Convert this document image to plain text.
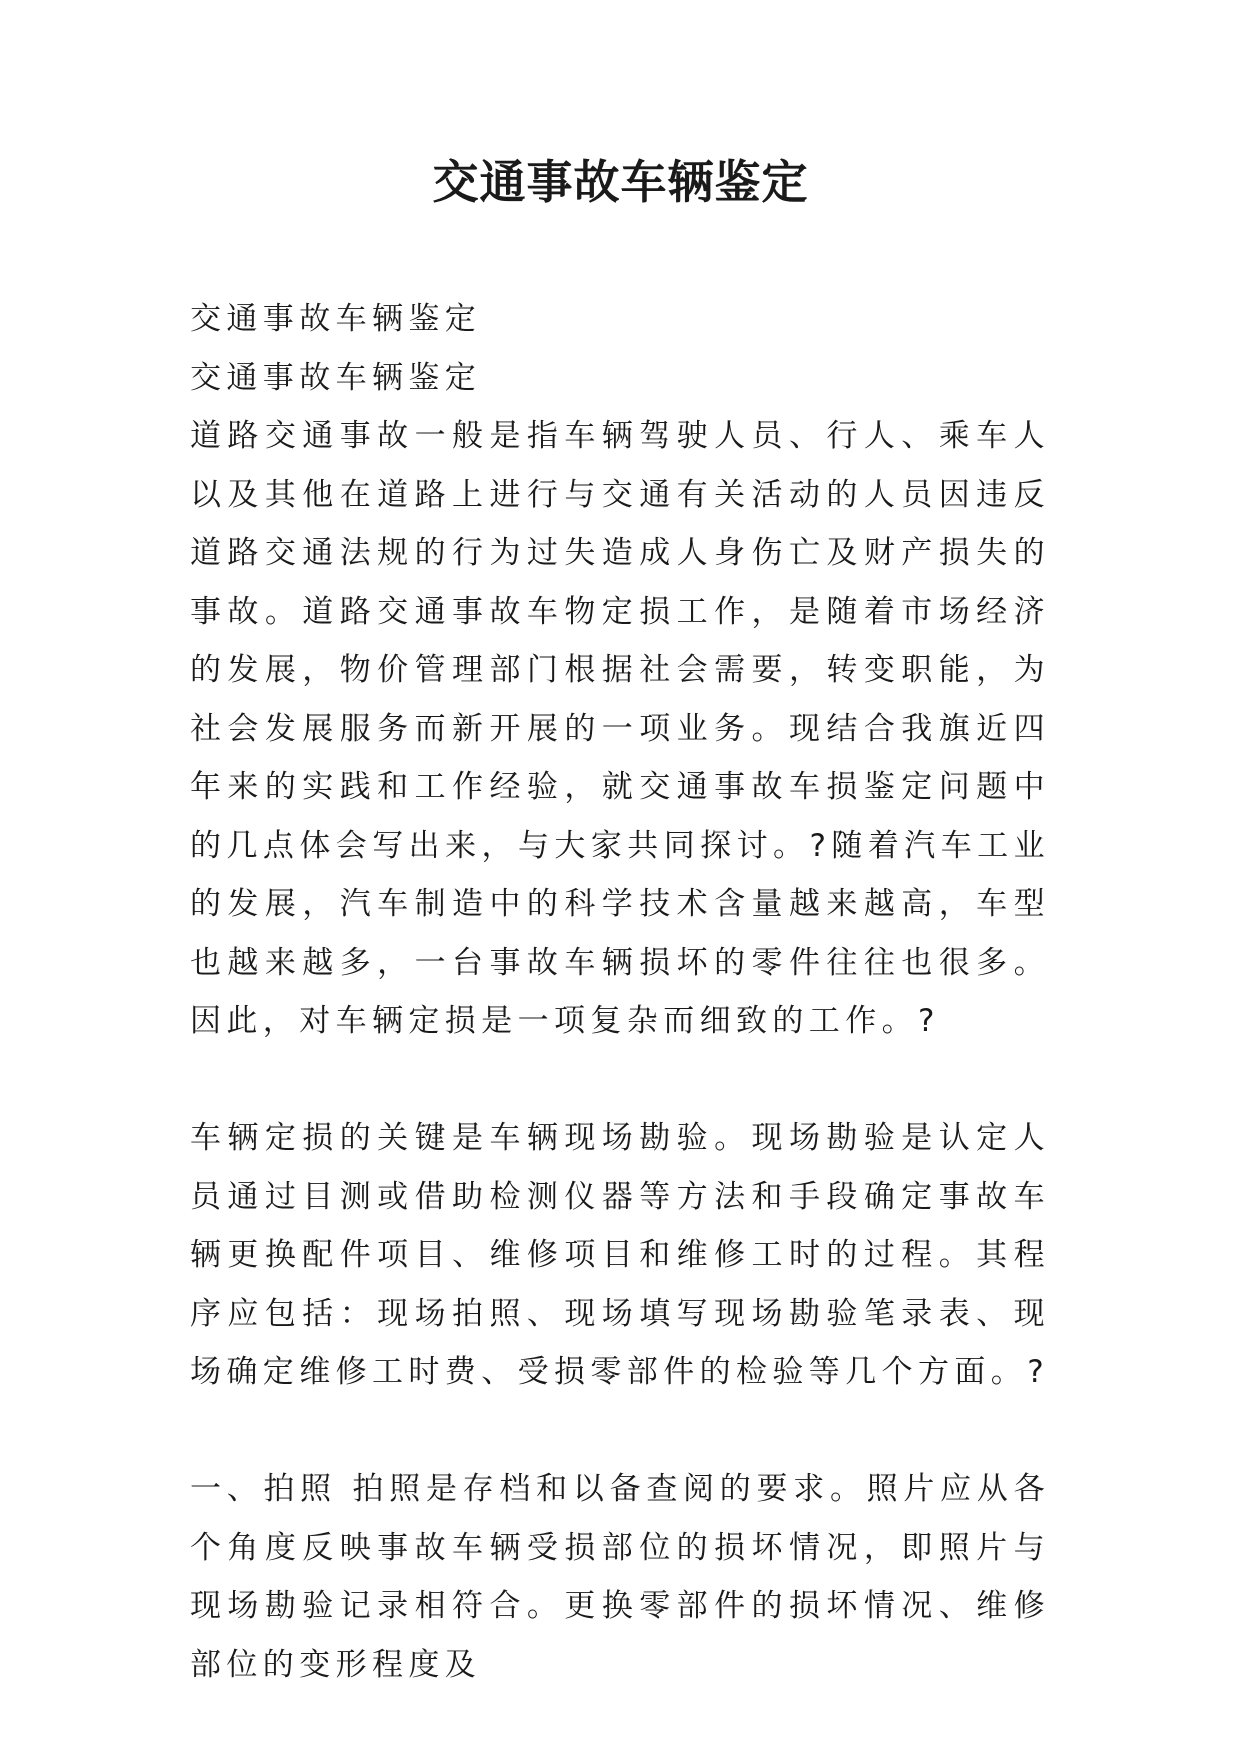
交通事故车辆鉴定

交通事故车辆鉴定

交通事故车辆鉴定

道路交通事故一般是指车辆驾驶人员、行人、乘车人以及其他在道路上进行与交通有关活动的人员因违反道路交通法规的行为过失造成人身伤亡及财产损失的事故。道路交通事故车物定损工作，是随着市场经济的发展，物价管理部门根据社会需要，转变职能，为社会发展服务而新开展的一项业务。现结合我旗近四年来的实践和工作经验，就交通事故车损鉴定问题中的几点体会写出来，与大家共同探讨。?随着汽车工业的发展，汽车制造中的科学技术含量越来越高，车型也越来越多，一台事故车辆损坏的零件往往也很多。因此，对车辆定损是一项复杂而细致的工作。?

车辆定损的关键是车辆现场勘验。现场勘验是认定人员通过目测或借助检测仪器等方法和手段确定事故车辆更换配件项目、维修项目和维修工时的过程。其程序应包括：现场拍照、现场填写现场勘验笔录表、现场确定维修工时费、受损零部件的检验等几个方面。?

一、拍照 拍照是存档和以备查阅的要求。照片应从各个角度反映事故车辆受损部位的损坏情况，即照片与现场勘验记录相符合。更换零部件的损坏情况、维修部位的变形程度及
